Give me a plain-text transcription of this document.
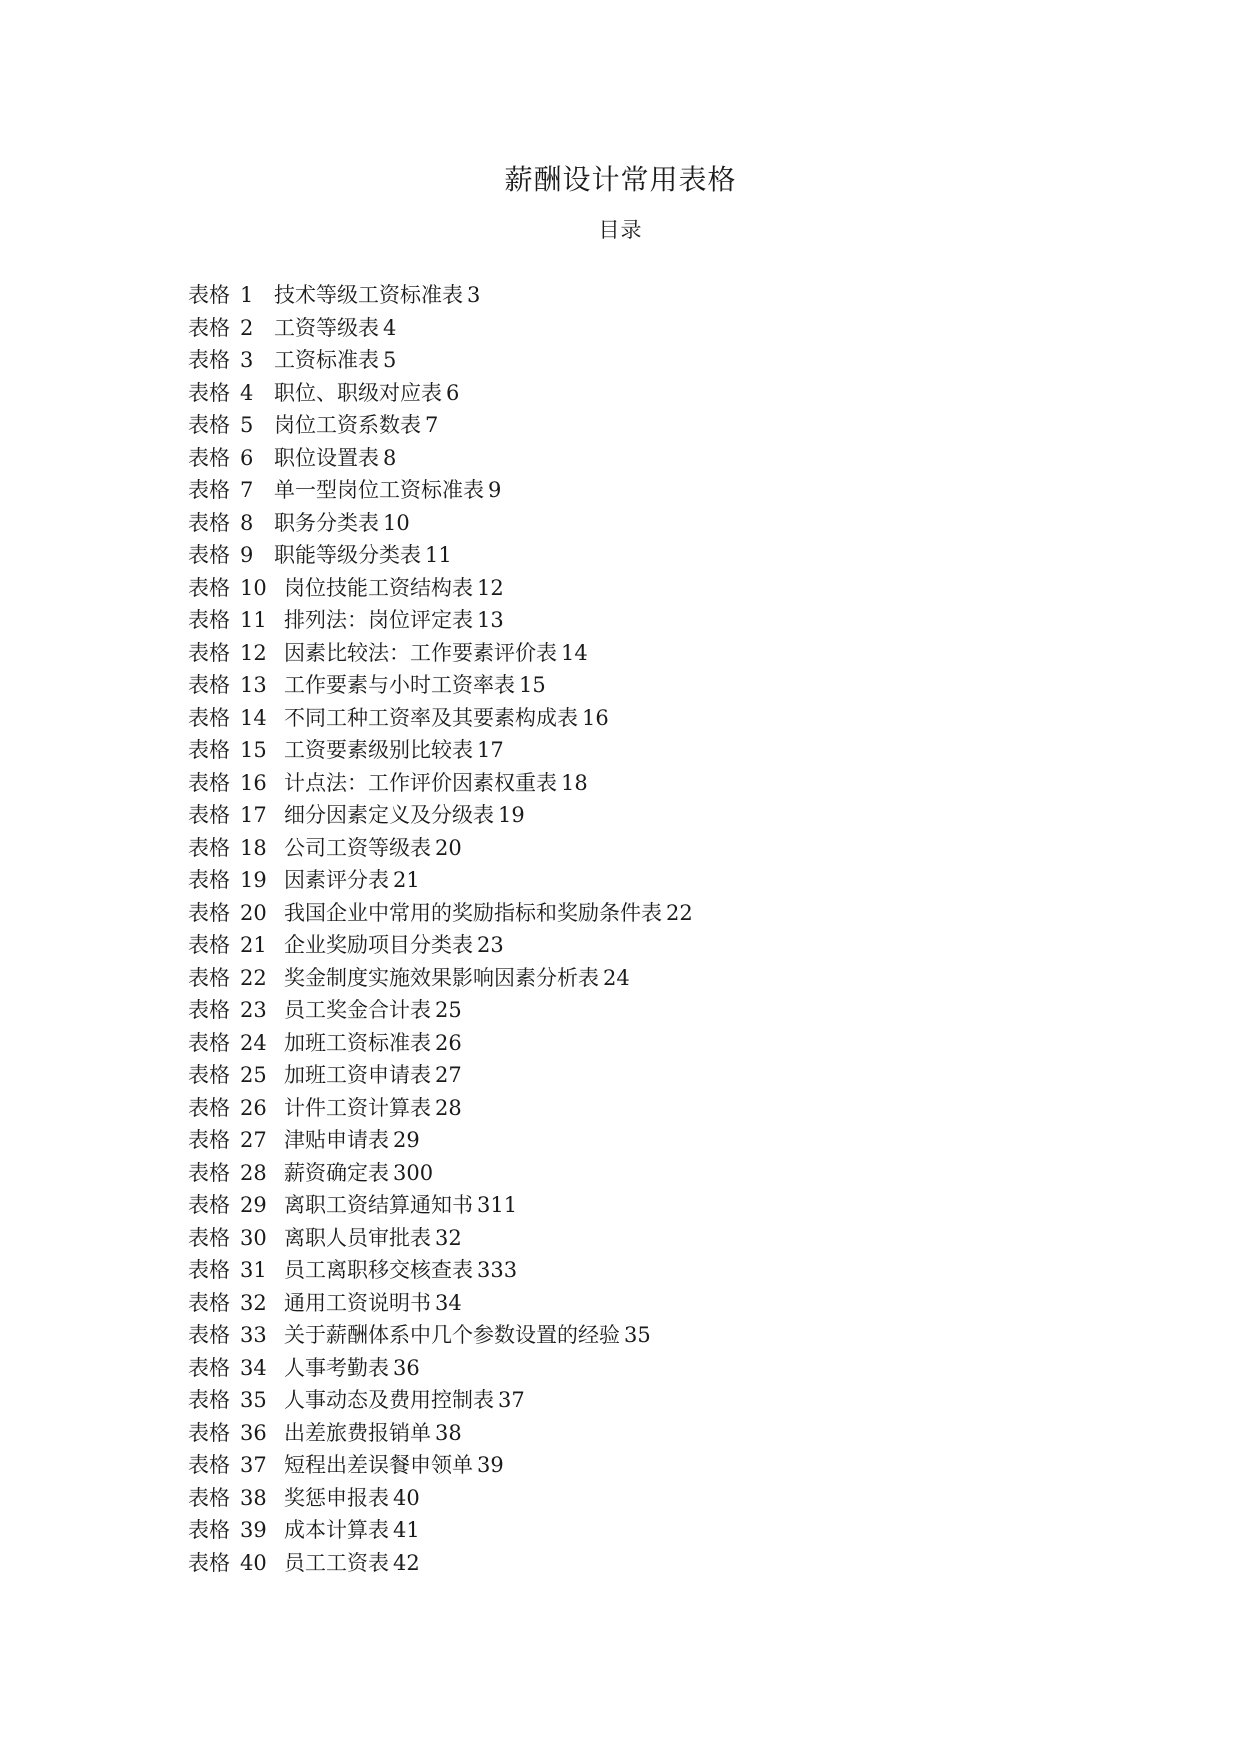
薪酬设计常用表格
目录
表格 1 技术等级工资标准表 3
表格 2 工资等级表 4
表格 3 工资标准表 5
表格 4 职位、职级对应表 6
表格 5 岗位工资系数表 7
表格 6 职位设置表 8
表格 7 单一型岗位工资标准表 9
表格 8 职务分类表 10
表格 9 职能等级分类表 11
表格 10 岗位技能工资结构表 12
表格 11 排列法：岗位评定表 13
表格 12 因素比较法：工作要素评价表 14
表格 13 工作要素与小时工资率表 15
表格 14 不同工种工资率及其要素构成表 16
表格 15 工资要素级别比较表 17
表格 16 计点法：工作评价因素权重表 18
表格 17 细分因素定义及分级表 19
表格 18 公司工资等级表 20
表格 19 因素评分表 21
表格 20 我国企业中常用的奖励指标和奖励条件表 22
表格 21 企业奖励项目分类表 23
表格 22 奖金制度实施效果影响因素分析表 24
表格 23 员工奖金合计表 25
表格 24 加班工资标准表 26
表格 25 加班工资申请表 27
表格 26 计件工资计算表 28
表格 27 津贴申请表 29
表格 28 薪资确定表 300
表格 29 离职工资结算通知书 311
表格 30 离职人员审批表 32
表格 31 员工离职移交核查表 333
表格 32 通用工资说明书 34
表格 33 关于薪酬体系中几个参数设置的经验 35
表格 34 人事考勤表 36
表格 35 人事动态及费用控制表 37
表格 36 出差旅费报销单 38
表格 37 短程出差误餐申领单 39
表格 38 奖惩申报表 40
表格 39 成本计算表 41
表格 40 员工工资表 42
